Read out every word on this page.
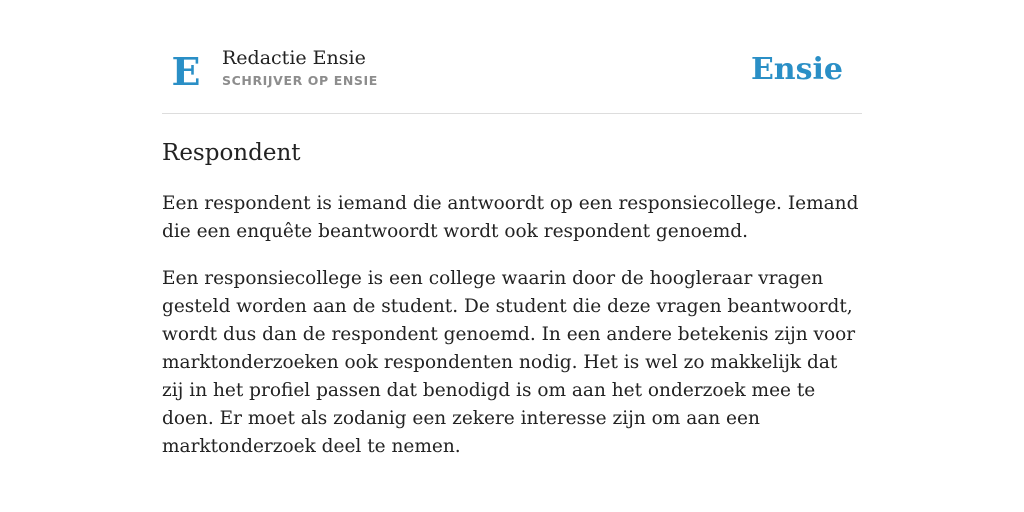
E Redactie Ensie
SCHRIJVER OP ENSIE	Ensie
Respondent

Een respondent is iemand die antwoordt op een responsiecollege. Iemand die een enquête beantwoordt wordt ook respondent genoemd.

Een responsiecollege is een college waarin door de hoogleraar vragen gesteld worden aan de student. De student die deze vragen beantwoordt, wordt dus dan de respondent genoemd. In een andere betekenis zijn voor marktonderzoeken ook respondenten nodig. Het is wel zo makkelijk dat zij in het profiel passen dat benodigd is om aan het onderzoek mee te doen. Er moet als zodanig een zekere interesse zijn om aan een marktonderzoek deel te nemen.
